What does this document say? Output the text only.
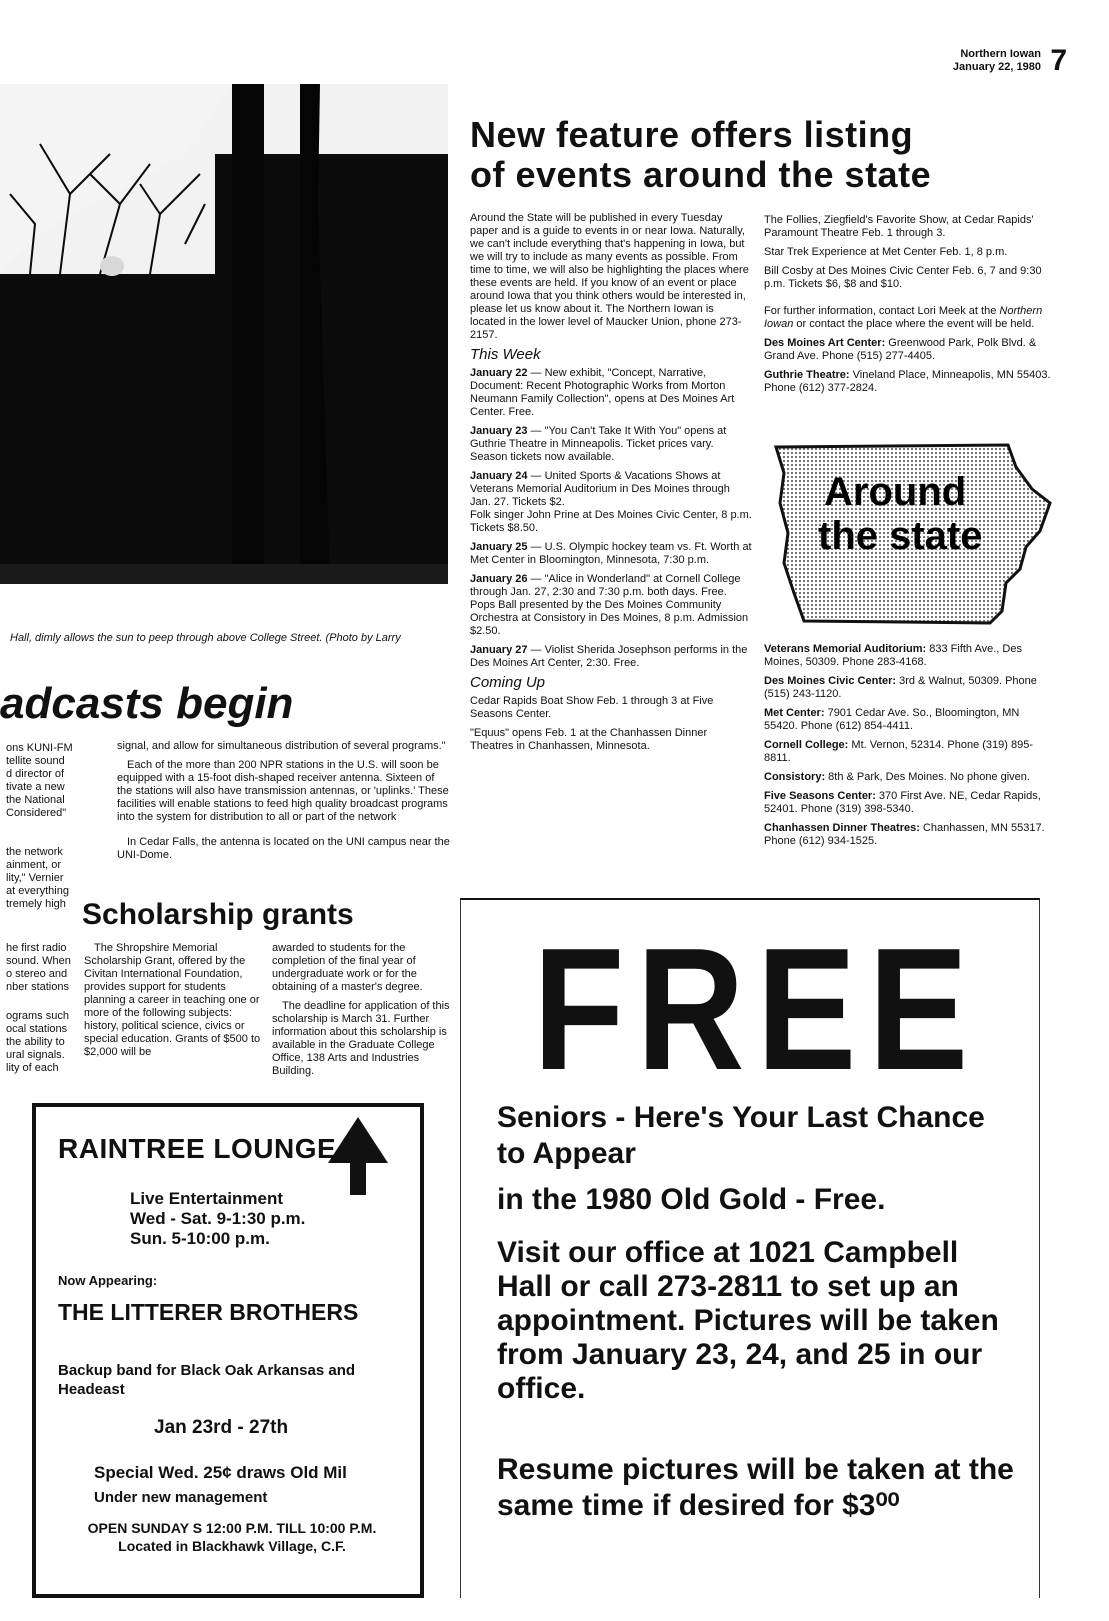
Northern Iowan
January 22, 1980 7
Hall, dimly allows the sun to peep through above College Street. (Photo by Larry
New feature offers listing
of events around the state

Around the State will be published in every Tuesday paper and is a guide to events in or near Iowa. Naturally, we can't include everything that's happening in Iowa, but we will try to include as many events as possible. From time to time, we will also be highlighting the places where these events are held. If you know of an event or place around Iowa that you think others would be interested in, please let us know about it. The Northern Iowan is located in the lower level of Maucker Union, phone 273-2157.

This Week

January 22 — New exhibit, "Concept, Narrative, Document: Recent Photographic Works from Morton Neumann Family Collection", opens at Des Moines Art Center. Free.

January 23 — "You Can't Take It With You" opens at Guthrie Theatre in Minneapolis. Ticket prices vary. Season tickets now available.

January 24 — United Sports & Vacations Shows at Veterans Memorial Auditorium in Des Moines through Jan. 27. Tickets $2.

Folk singer John Prine at Des Moines Civic Center, 8 p.m. Tickets $8.50.

January 25 — U.S. Olympic hockey team vs. Ft. Worth at Met Center in Bloomington, Minnesota, 7:30 p.m.

January 26 — "Alice in Wonderland" at Cornell College through Jan. 27, 2:30 and 7:30 p.m. both days. Free.

Pops Ball presented by the Des Moines Community Orchestra at Consistory in Des Moines, 8 p.m. Admission $2.50.

January 27 — Violist Sherida Josephson performs in the Des Moines Art Center, 2:30. Free.

Coming Up

Cedar Rapids Boat Show Feb. 1 through 3 at Five Seasons Center.

"Equus" opens Feb. 1 at the Chanhassen Dinner Theatres in Chanhassen, Minnesota.

The Follies, Ziegfield's Favorite Show, at Cedar Rapids' Paramount Theatre Feb. 1 through 3.

Star Trek Experience at Met Center Feb. 1, 8 p.m.

Bill Cosby at Des Moines Civic Center Feb. 6, 7 and 9:30 p.m. Tickets $6, $8 and $10.

For further information, contact Lori Meek at the Northern Iowan or contact the place where the event will be held.

Des Moines Art Center: Greenwood Park, Polk Blvd. & Grand Ave. Phone (515) 277-4405.

Guthrie Theatre: Vineland Place, Minneapolis, MN 55403. Phone (612) 377-2824.

Around
the state

Veterans Memorial Auditorium: 833 Fifth Ave., Des Moines, 50309. Phone 283-4168.

Des Moines Civic Center: 3rd & Walnut, 50309. Phone (515) 243-1120.

Met Center: 7901 Cedar Ave. So., Bloomington, MN 55420. Phone (612) 854-4411.

Cornell College: Mt. Vernon, 52314. Phone (319) 895-8811.

Consistory: 8th & Park, Des Moines. No phone given.

Five Seasons Center: 370 First Ave. NE, Cedar Rapids, 52401. Phone (319) 398-5340.

Chanhassen Dinner Theatres: Chanhassen, MN 55317. Phone (612) 934-1525.

adcasts begin

ons KUNI-FM

tellite sound

d director of

tivate a new

the National

Considered"

the network

ainment, or

lity," Vernier

at everything

tremely high

signal, and allow for simultaneous distribution of several programs."

Each of the more than 200 NPR stations in the U.S. will soon be equipped with a 15-foot dish-shaped receiver antenna. Sixteen of the stations will also have transmission antennas, or 'uplinks.' These facilities will enable stations to feed high quality broadcast programs into the system for distribution to all or part of the network

In Cedar Falls, the antenna is located on the UNI campus near the UNI-Dome.

Scholarship grants

he first radio

sound. When

o stereo and

nber stations

ograms such

ocal stations

the ability to

ural signals.

lity of each

The Shropshire Memorial Scholarship Grant, offered by the Civitan International Foundation, provides support for students planning a career in teaching one or more of the following subjects: history, political science, civics or special education. Grants of $500 to $2,000 will be

awarded to students for the completion of the final year of undergraduate work or for the obtaining of a master's degree.

The deadline for application of this scholarship is March 31. Further information about this scholarship is available in the Graduate College Office, 138 Arts and Industries Building.

RAINTREE LOUNGE
Live Entertainment
Wed - Sat. 9-1:30 p.m.
Sun. 5-10:00 p.m.
Now Appearing:
THE LITTERER BROTHERS
Backup band for Black Oak Arkansas and Headeast
Jan 23rd - 27th
Special Wed. 25¢ draws Old Mil
Under new management
OPEN SUNDAY S 12:00 P.M. TILL 10:00 P.M.
Located in Blackhawk Village, C.F.
FREE
Seniors - Here's Your Last Chance to Appear
in the 1980 Old Gold - Free.
Visit our office at 1021 Campbell Hall or call 273-2811 to set up an appointment. Pictures will be taken from January 23, 24, and 25 in our office.
Resume pictures will be taken at the same time if desired for $3⁰⁰
